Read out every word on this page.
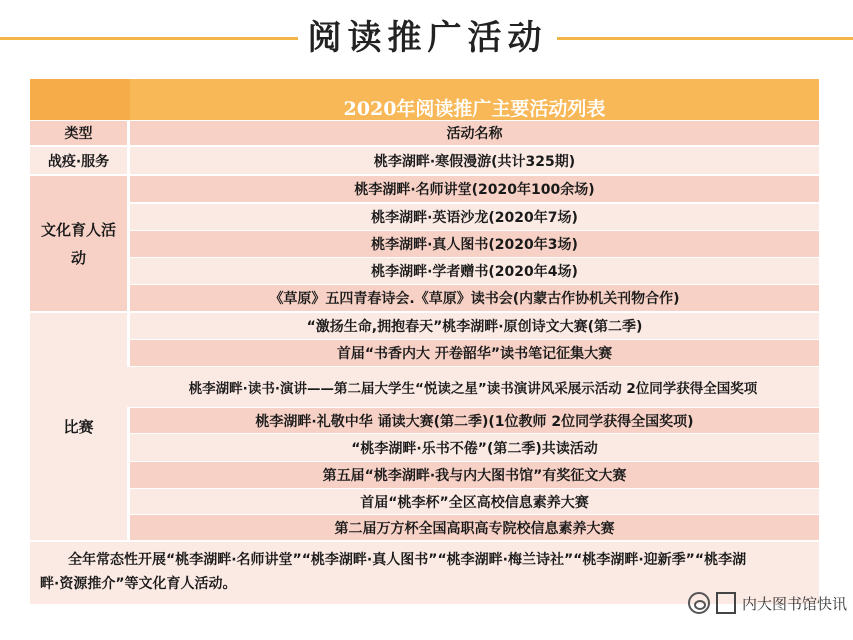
阅读推广活动
2020年阅读推广主要活动列表
类型	活动名称
战疫·服务	桃李湖畔·寒假漫游(共计325期)
文化育人活动
桃李湖畔·名师讲堂(2020年100余场)
桃李湖畔·英语沙龙(2020年7场)
桃李湖畔·真人图书(2020年3场)
桃李湖畔·学者赠书(2020年4场)
《草原》五四青春诗会.《草原》读书会(内蒙古作协机关刊物合作)
比赛
“激扬生命,拥抱春天”桃李湖畔·原创诗文大赛(第二季)
首届“书香内大 开卷韶华”读书笔记征集大赛
桃李湖畔·读书·演讲——第二届大学生“悦读之星”读书演讲风采展示活动 2位同学获得全国奖项
桃李湖畔·礼敬中华 诵读大赛(第二季)(1位教师 2位同学获得全国奖项)
“桃李湖畔·乐书不倦”(第二季)共读活动
第五届“桃李湖畔·我与内大图书馆”有奖征文大赛
首届“桃李杯”全区高校信息素养大赛
第二届万方杯全国高职高专院校信息素养大赛
全年常态性开展“桃李湖畔·名师讲堂”“桃李湖畔·真人图书”“桃李湖畔·梅兰诗社”“桃李湖畔·迎新季”“桃李湖
畔·资源推介”等文化育人活动。
内大图书馆快讯
